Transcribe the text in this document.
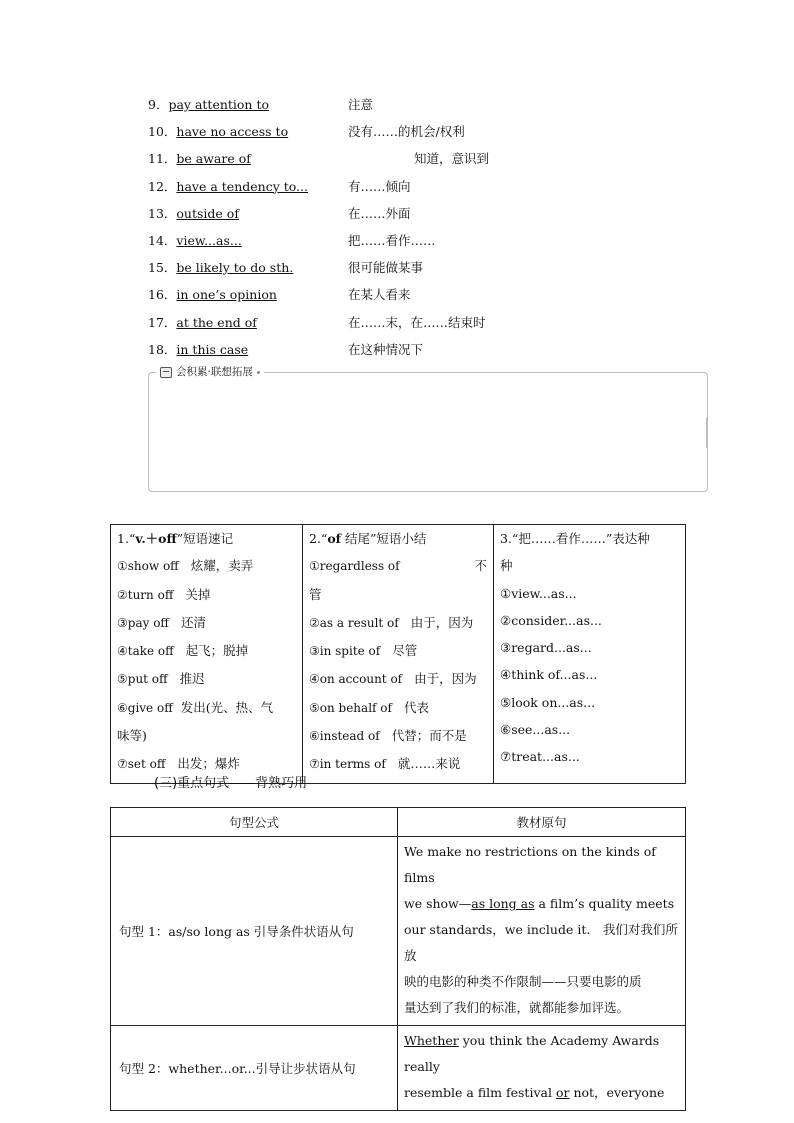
9．pay attention to	注意
10．have no access to	没有……的机会/权利
11．be aware of	知道，意识到
12．have a tendency to...	有……倾向
13．outside of	在……外面
14．view...as...	把……看作……
15．be likely to do sth.	很可能做某事
16．in one’s opinion	在某人看来
17．at the end of	在……末，在……结束时
18．in this case	在这种情况下
会积累·联想拓展
1.“v.＋off”短语速记
①show off 炫耀，卖弄
②turn off 关掉
③pay off 还清
④take off 起飞；脱掉
⑤put off 推迟
⑥give off 发出(光、热、气
味等)
⑦set off 出发；爆炸

2.“of 结尾”短语小结
①regardless of	不
管
②as a result of 由于，因为
③in spite of 尽管
④on account of 由于，因为
⑤on behalf of 代表
⑥instead of 代替；而不是
⑦in terms of 就……来说

3.“把……看作……”表达种
种
①view...as...
②consider...as...
③regard...as...
④think of...as...
⑤look on...as...
⑥see...as...
⑦treat...as...
(三)重点句式——背熟巧用
句型公式	教材原句
句型 1：as/so long as 引导条件状语从句	We make no restrictions on the kinds of films
we show—as long as a film’s quality meets
our standards，we include it.　我们对我们所放
映的电影的种类不作限制——只要电影的质
量达到了我们的标准，就都能参加评选。

句型 2：whether...or...引导让步状语从句	Whether you think the Academy Awards really
resemble a film festival or not，everyone
